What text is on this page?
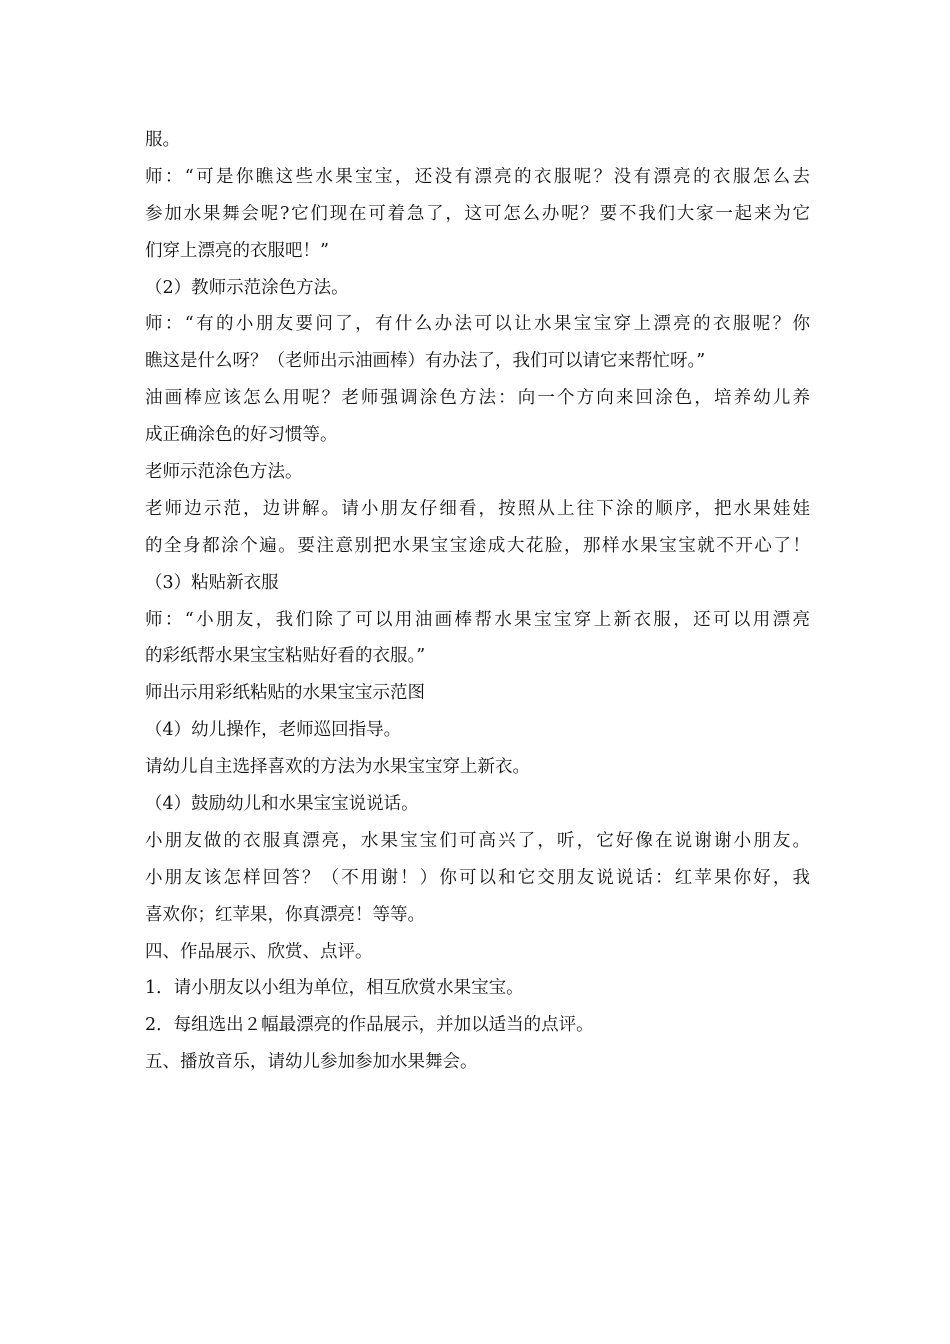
服。
师：“可是你瞧这些水果宝宝，还没有漂亮的衣服呢？没有漂亮的衣服怎么去
参加水果舞会呢?它们现在可着急了，这可怎么办呢？要不我们大家一起来为它
们穿上漂亮的衣服吧！”
（2）教师示范涂色方法。
师：“有的小朋友要问了，有什么办法可以让水果宝宝穿上漂亮的衣服呢？你
瞧这是什么呀？（老师出示油画棒）有办法了，我们可以请它来帮忙呀。”
油画棒应该怎么用呢？老师强调涂色方法：向一个方向来回涂色，培养幼儿养
成正确涂色的好习惯等。
老师示范涂色方法。
老师边示范，边讲解。请小朋友仔细看，按照从上往下涂的顺序，把水果娃娃
的全身都涂个遍。要注意别把水果宝宝途成大花脸，那样水果宝宝就不开心了！
（3）粘贴新衣服
师：“小朋友，我们除了可以用油画棒帮水果宝宝穿上新衣服，还可以用漂亮
的彩纸帮水果宝宝粘贴好看的衣服。”
师出示用彩纸粘贴的水果宝宝示范图
（4）幼儿操作，老师巡回指导。
请幼儿自主选择喜欢的方法为水果宝宝穿上新衣。
（4）鼓励幼儿和水果宝宝说说话。
小朋友做的衣服真漂亮，水果宝宝们可高兴了，听，它好像在说谢谢小朋友。
小朋友该怎样回答？（不用谢！）你可以和它交朋友说说话：红苹果你好，我
喜欢你；红苹果，你真漂亮！等等。
四、作品展示、欣赏、点评。
1．请小朋友以小组为单位，相互欣赏水果宝宝。
2．每组选出２幅最漂亮的作品展示，并加以适当的点评。
五、播放音乐，请幼儿参加参加水果舞会。
